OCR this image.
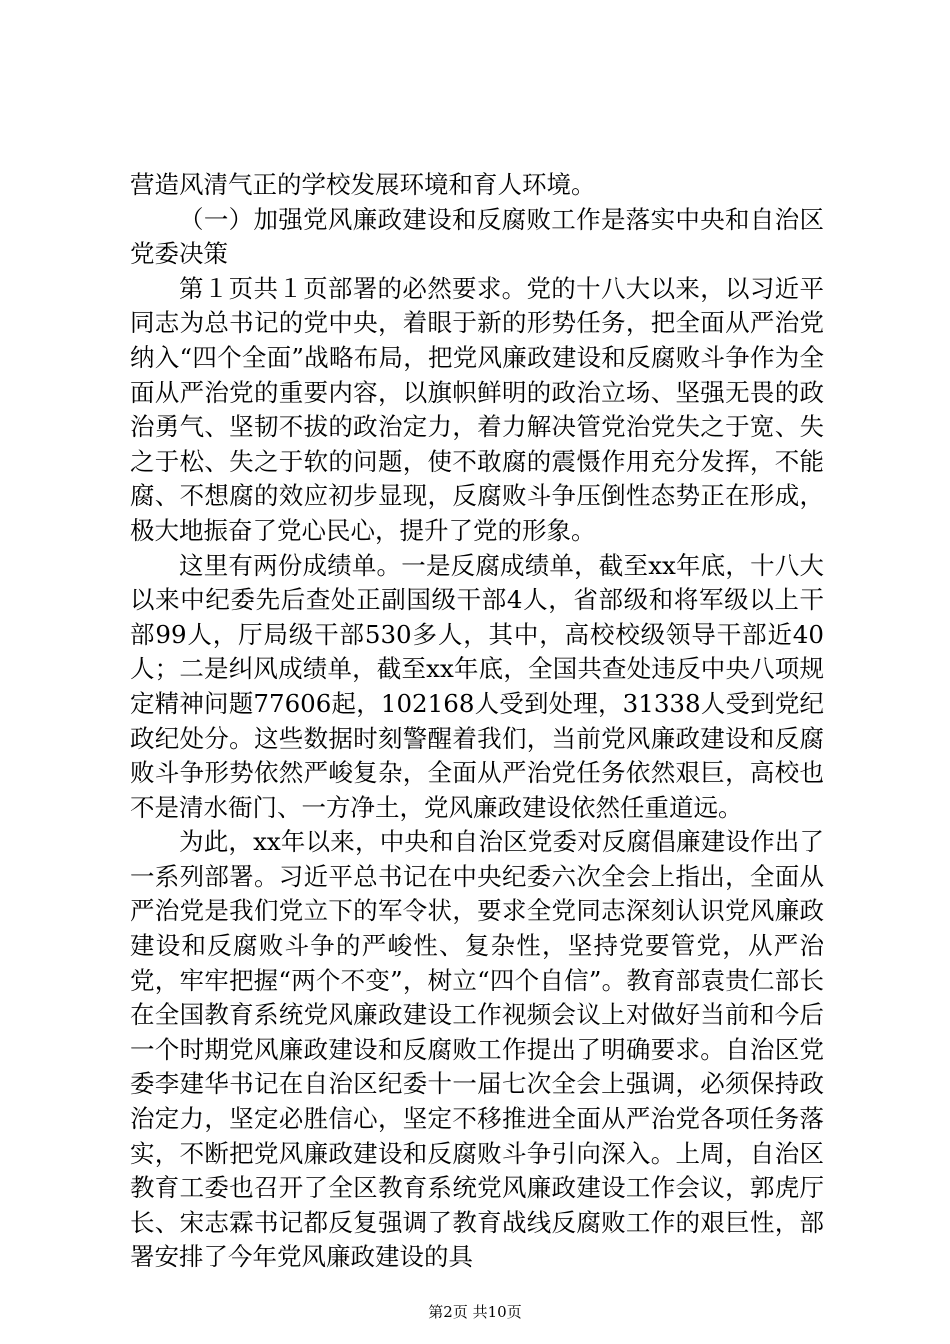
营造风清气正的学校发展环境和育人环境。

（一）加强党风廉政建设和反腐败工作是落实中央和自治区党委决策

第１页共１页部署的必然要求。党的十八大以来，以习近平同志为总书记的党中央，着眼于新的形势任务，把全面从严治党纳入“四个全面”战略布局，把党风廉政建设和反腐败斗争作为全面从严治党的重要内容，以旗帜鲜明的政治立场、坚强无畏的政治勇气、坚韧不拔的政治定力，着力解决管党治党失之于宽、失之于松、失之于软的问题，使不敢腐的震慑作用充分发挥，不能腐、不想腐的效应初步显现，反腐败斗争压倒性态势正在形成，极大地振奋了党心民心，提升了党的形象。

这里有两份成绩单。一是反腐成绩单，截至xx年底，十八大以来中纪委先后查处正副国级干部4人，省部级和将军级以上干部99人，厅局级干部530多人，其中，高校校级领导干部近40人；二是纠风成绩单，截至xx年底，全国共查处违反中央八项规定精神问题77606起，102168人受到处理，31338人受到党纪政纪处分。这些数据时刻警醒着我们，当前党风廉政建设和反腐败斗争形势依然严峻复杂，全面从严治党任务依然艰巨，高校也不是清水衙门、一方净土，党风廉政建设依然任重道远。

为此，xx年以来，中央和自治区党委对反腐倡廉建设作出了一系列部署。习近平总书记在中央纪委六次全会上指出，全面从严治党是我们党立下的军令状，要求全党同志深刻认识党风廉政建设和反腐败斗争的严峻性、复杂性，坚持党要管党，从严治党，牢牢把握“两个不变”，树立“四个自信”。教育部袁贵仁部长在全国教育系统党风廉政建设工作视频会议上对做好当前和今后一个时期党风廉政建设和反腐败工作提出了明确要求。自治区党委李建华书记在自治区纪委十一届七次全会上强调，必须保持政治定力，坚定必胜信心，坚定不移推进全面从严治党各项任务落实，不断把党风廉政建设和反腐败斗争引向深入。上周，自治区教育工委也召开了全区教育系统党风廉政建设工作会议，郭虎厅长、宋志霖书记都反复强调了教育战线反腐败工作的艰巨性，部署安排了今年党风廉政建设的具

第2页 共10页
